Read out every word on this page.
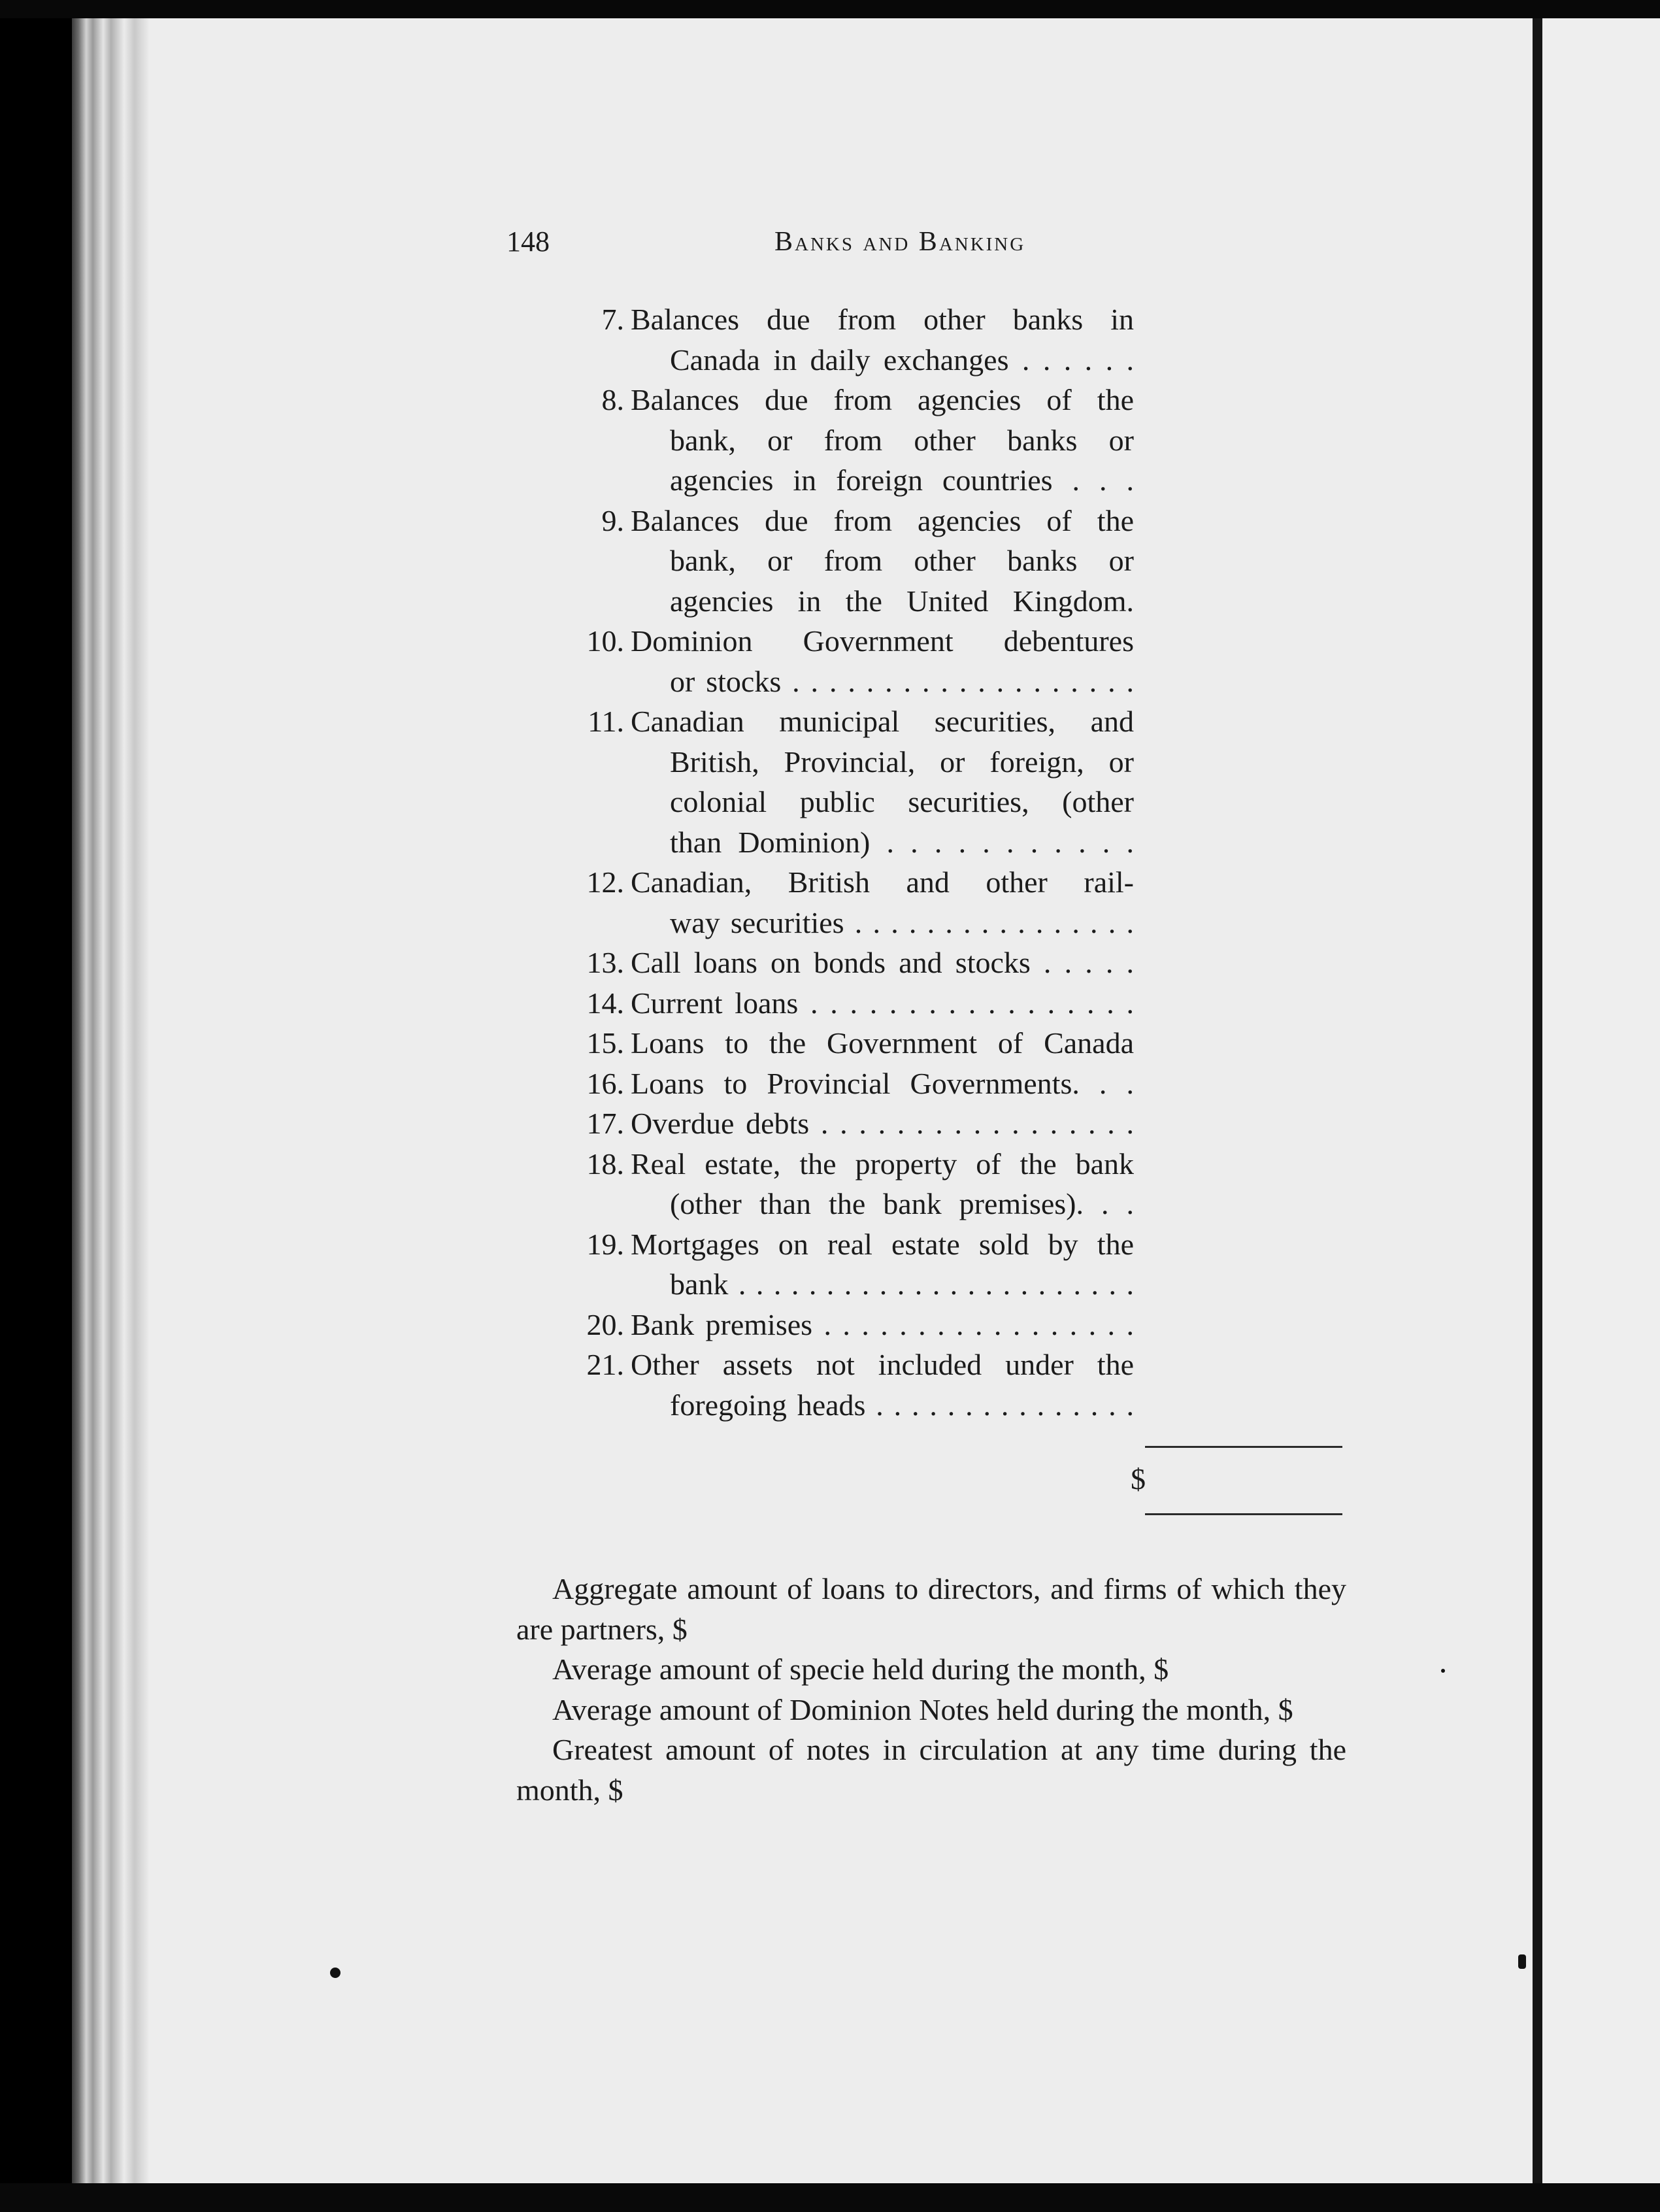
148	Banks and Banking
7. Balances due from other banks in
Canada in daily exchanges . . . . . .
8. Balances due from agencies of the
bank, or from other banks or
agencies in foreign countries . . .
9. Balances due from agencies of the
bank, or from other banks or
agencies in the United Kingdom.
10. Dominion Government debentures
or stocks . . . . . . . . . . . . . . . . . . .
11. Canadian municipal securities, and
British, Provincial, or foreign, or
colonial public securities, (other
than Dominion) . . . . . . . . . . .
12. Canadian, British and other rail-
way securities . . . . . . . . . . . . . . . .
13. Call loans on bonds and stocks . . . . .
14. Current loans . . . . . . . . . . . . . . . . .
15. Loans to the Government of Canada
16. Loans to Provincial Governments. . .
17. Overdue debts . . . . . . . . . . . . . . . . .
18. Real estate, the property of the bank
(other than the bank premises). . .
19. Mortgages on real estate sold by the
bank . . . . . . . . . . . . . . . . . . . . . . .
20. Bank premises . . . . . . . . . . . . . . . . .
21. Other assets not included under the
foregoing heads . . . . . . . . . . . . . . .
$

Aggregate amount of loans to directors, and firms of which they are partners, $

Average amount of specie held during the month, $

Average amount of Dominion Notes held during the month, $

Greatest amount of notes in circulation at any time during the month, $
